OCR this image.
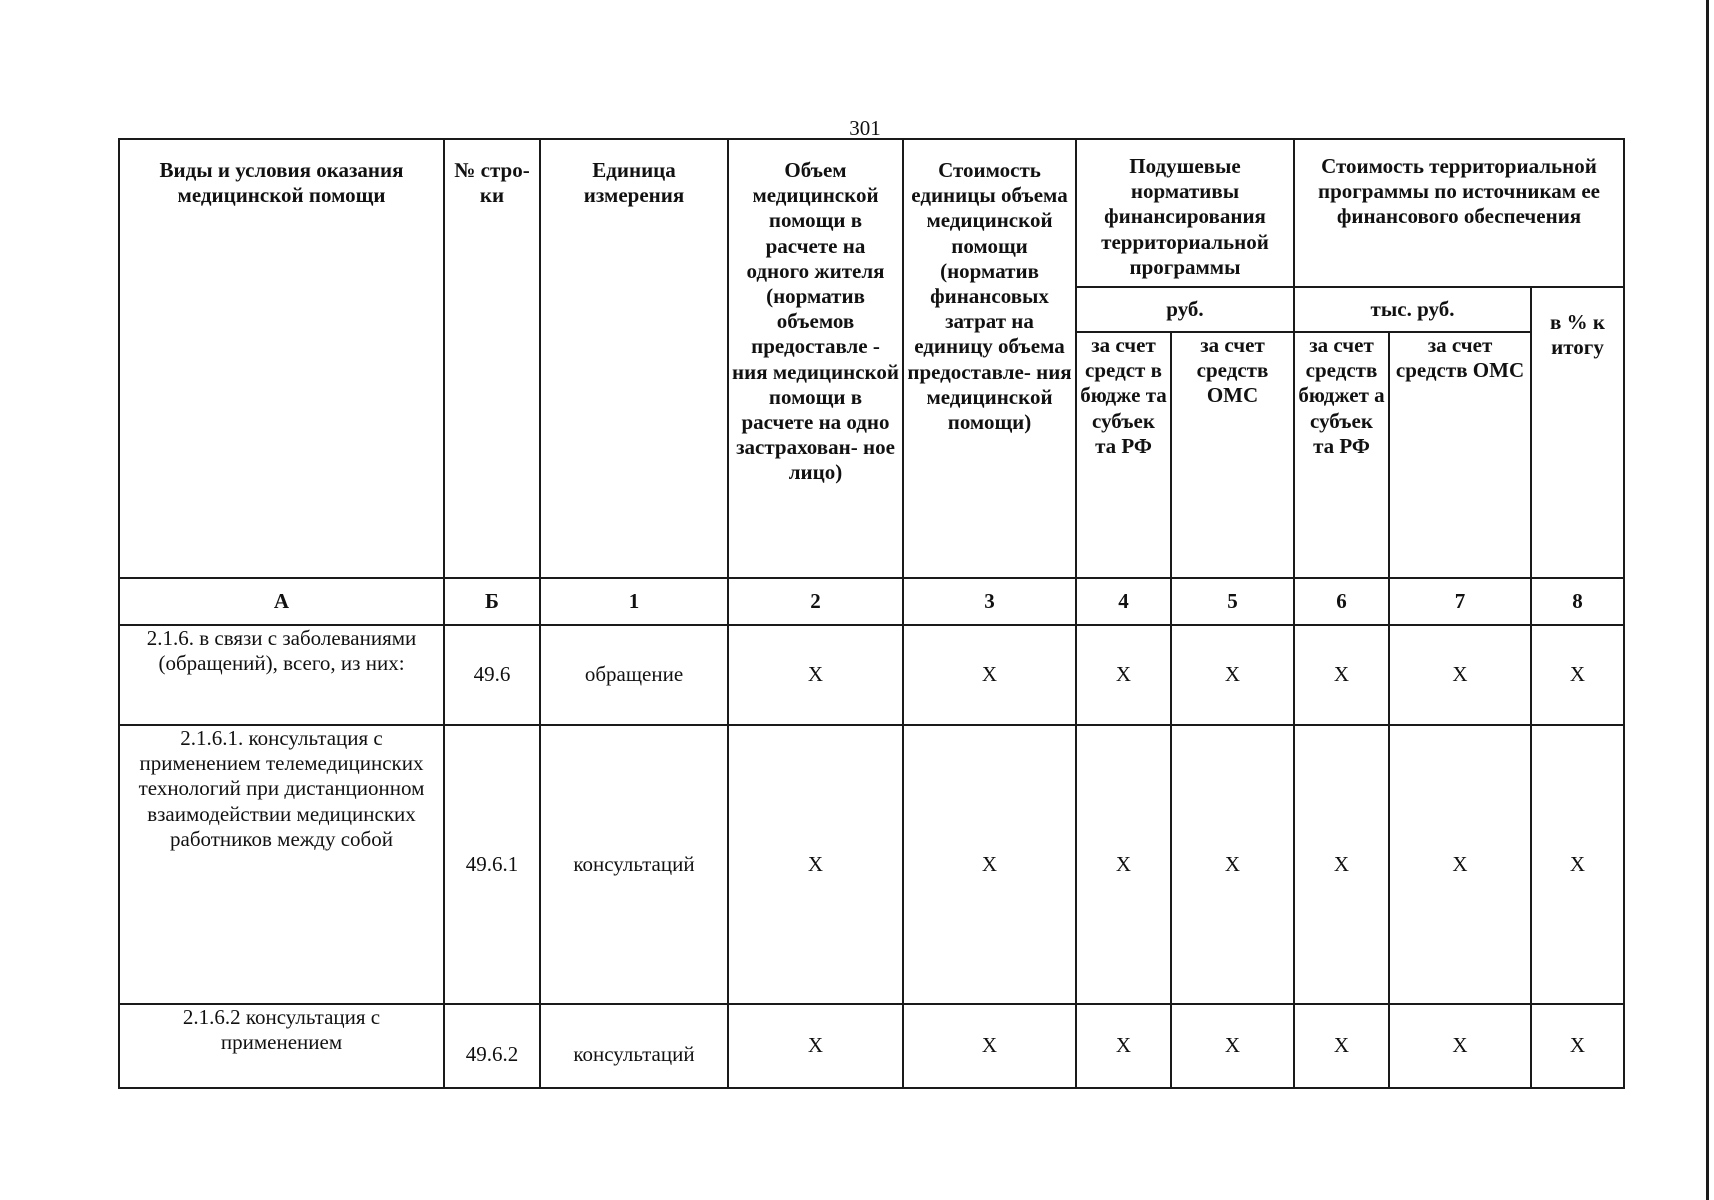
301
Виды и условия оказания медицинской помощи	№ стро- ки	Единица измерения	Объем медицинской помощи в расчете на одного жителя (норматив объемов предоставле - ния медицинской помощи в расчете на одно застрахован- ное лицо)	Стоимость единицы объема медицинской помощи (норматив финансовых затрат на единицу объема предоставле- ния медицинской помощи)	Подушевые нормативы финансирования территориальной программы		Стоимость территориальной программы по источникам ее финансового обеспечения		
					руб.		тыс. руб.		в % к итогу
					за счет средст в бюдже та субъек та РФ	за счет средств ОМС	за счет средств бюджет а субъек та РФ	за счет средств ОМС	
А	Б	1	2	3	4	5	6	7	8
2.1.6. в связи с заболеваниями (обращений), всего, из них:	49.6	обращение	Х	Х	Х	Х	Х	Х	Х
2.1.6.1. консультация с применением телемедицинских технологий при дистанционном взаимодействии медицинских работников между собой	49.6.1	консультаций	Х	Х	Х	Х	Х	Х	Х
2.1.6.2 консультация с применением	49.6.2	консультаций	Х	Х	Х	Х	Х	Х	Х
